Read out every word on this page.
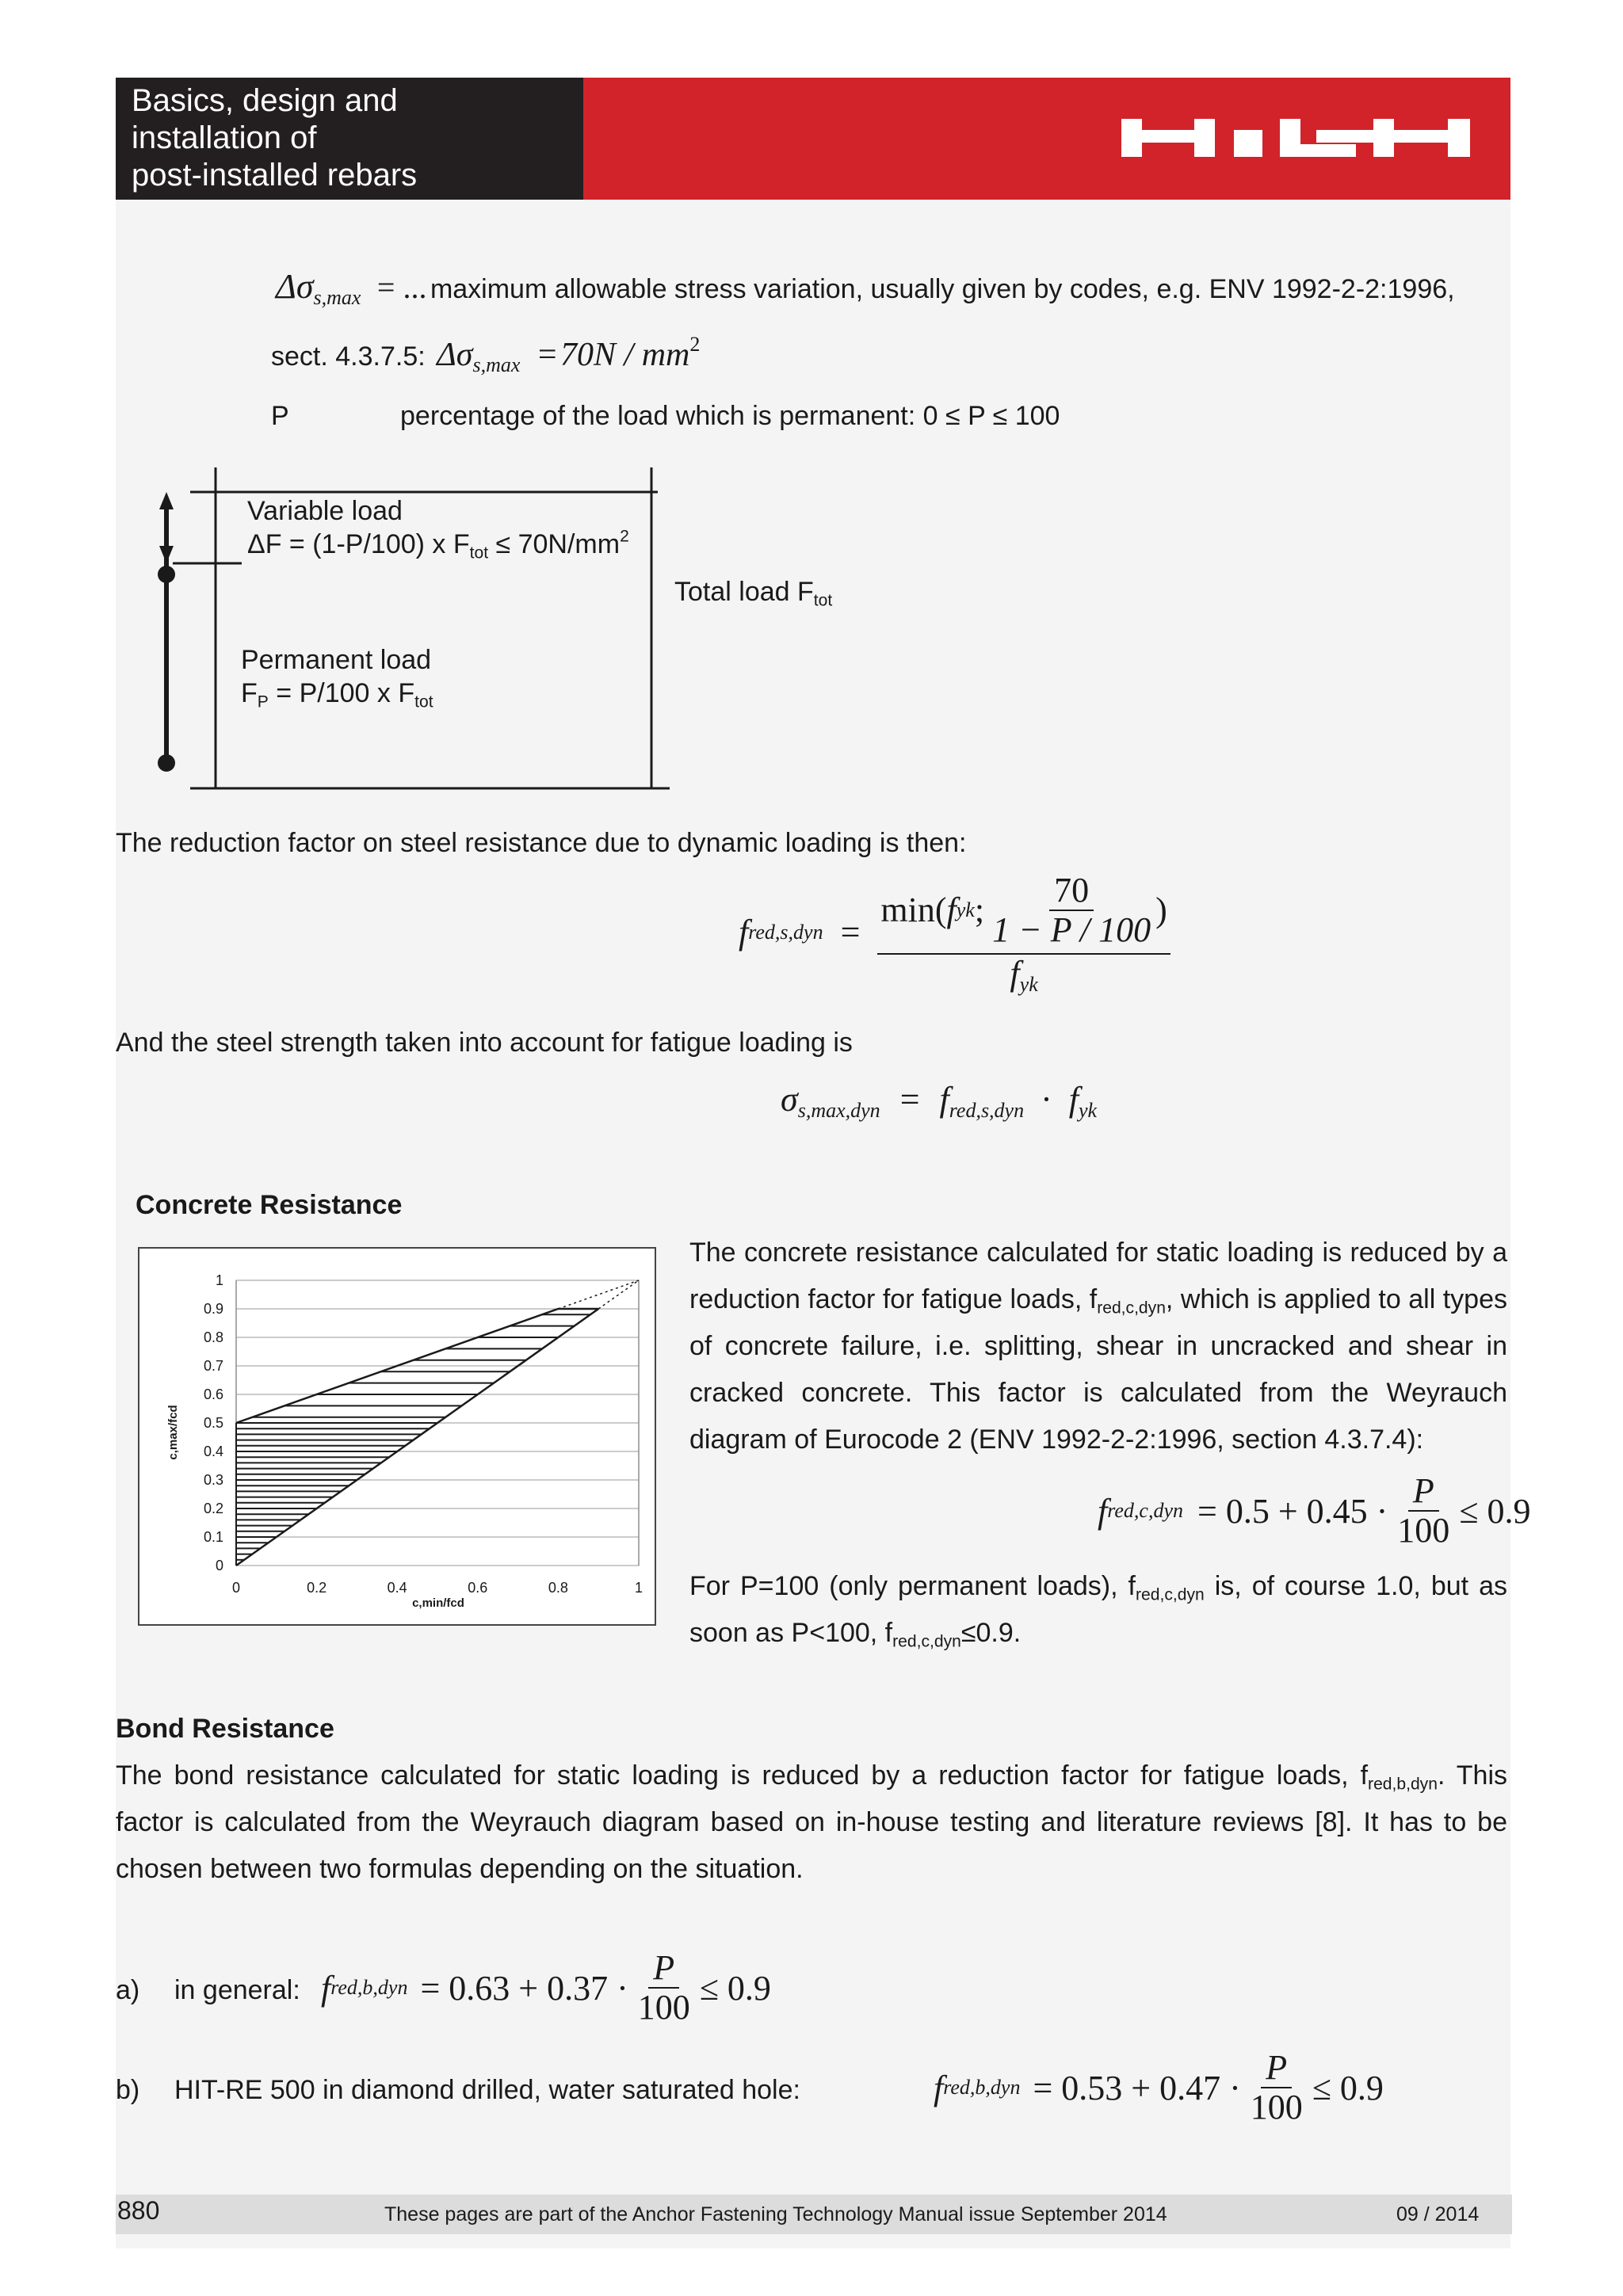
Basics, design and
installation of
post-installed rebars
$\Delta\sigma_{s,max}$ = ... maximum allowable stress variation, usually given by codes, e.g. ENV 1992-2-2:1996,
sect. 4.3.7.5: $\Delta\sigma_{s,max} = 70N / mm^2$
P	percentage of the load which is permanent: 0 ≤ P ≤ 100
Variable load
ΔF = (1-P/100) x $F_{tot} \le 70N/mm^2$
Total load $F_{tot}$
Permanent load
$F_P = P/100$ x $F_{tot}$
The reduction factor on steel resistance due to dynamic loading is then:
f red,s,dyn =
min( f yk ; $\frac{70}{1 - P / 100}$ )
$f_{yk}$
And the steel strength taken into account for fatigue loading is
$\sigma_{s,max,dyn} = f_{red,s,dyn} \cdot f_{yk}$
Concrete Resistance
0
0.1
0.2
0.3
0.4
0.5
0.6
0.7
0.8
0.9
1
0	0.2	0.4	0.6	0.8	1
c,max/fcd
c,min/fcd
The concrete resistance calculated for static loading is reduced by a reduction factor for fatigue loads, $f_{red,c,dyn}$, which is applied to all types of concrete failure, i.e. splitting, shear in uncracked and shear in cracked concrete. This factor is calculated from the Weyrauch diagram of Eurocode 2 (ENV 1992-2-2:1996, section 4.3.7.4):
f $red,c,dyn = 0.5 + 0.45 \cdot \frac{P}{100} \le 0.9$
For P=100 (only permanent loads), $f_{red,c,dyn}$ is, of course 1.0, but as soon as P<100, $f_{red,c,dyn}\le 0.9$.
Bond Resistance
The bond resistance calculated for static loading is reduced by a reduction factor for fatigue loads, $f_{red,b,dyn}$. This factor is calculated from the Weyrauch diagram based on in-house testing and literature reviews [8]. It has to be chosen between two formulas depending on the situation.
a) in general: f $red,b,dyn = 0.63 + 0.37 \cdot \frac{P}{100} \le 0.9$
b) HIT-RE 500 in diamond drilled, water saturated hole:	f $red,b,dyn = 0.53 + 0.47 \cdot \frac{P}{100} \le 0.9$
880	These pages are part of the Anchor Fastening Technology Manual issue September 2014	09 / 2014
